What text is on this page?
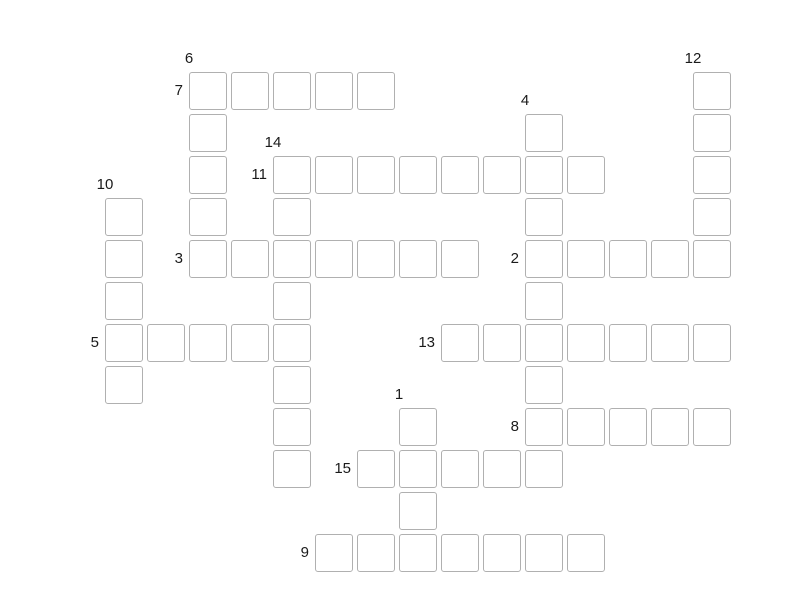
6	12
7
14
4
11
10
3	2
5	13
1
8
15
9
